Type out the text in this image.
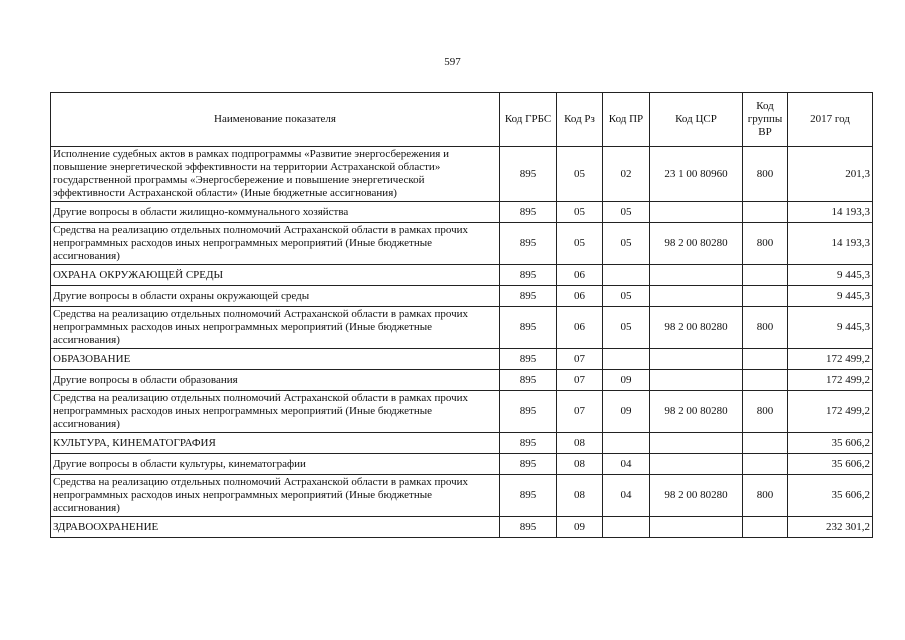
597
Наименование показателя	Код ГРБС	Код Рз	Код ПР	Код ЦСР	Код группы ВР	2017 год
Исполнение судебных актов в рамках подпрограммы «Развитие энергосбережения и повышение энергетической эффективности на территории Астраханской области» государственной программы «Энергосбережение и повышение энергетической эффективности Астраханской области» (Иные бюджетные ассигнования)	895	05	02	23 1 00 80960	800	201,3
Другие вопросы в области жилищно-коммунального хозяйства	895	05	05			14 193,3
Средства на реализацию отдельных полномочий Астраханской области в рамках прочих непрограммных расходов иных непрограммных мероприятий (Иные бюджетные ассигнования)	895	05	05	98 2 00 80280	800	14 193,3
ОХРАНА ОКРУЖАЮЩЕЙ СРЕДЫ	895	06				9 445,3
Другие вопросы в области охраны окружающей среды	895	06	05			9 445,3
Средства на реализацию отдельных полномочий Астраханской области в рамках прочих непрограммных расходов иных непрограммных мероприятий (Иные бюджетные ассигнования)	895	06	05	98 2 00 80280	800	9 445,3
ОБРАЗОВАНИЕ	895	07				172 499,2
Другие вопросы в области образования	895	07	09			172 499,2
Средства на реализацию отдельных полномочий Астраханской области в рамках прочих непрограммных расходов иных непрограммных мероприятий (Иные бюджетные ассигнования)	895	07	09	98 2 00 80280	800	172 499,2
КУЛЬТУРА, КИНЕМАТОГРАФИЯ	895	08				35 606,2
Другие вопросы в области культуры, кинематографии	895	08	04			35 606,2
Средства на реализацию отдельных полномочий Астраханской области в рамках прочих непрограммных расходов иных непрограммных мероприятий (Иные бюджетные ассигнования)	895	08	04	98 2 00 80280	800	35 606,2
ЗДРАВООХРАНЕНИЕ	895	09				232 301,2
